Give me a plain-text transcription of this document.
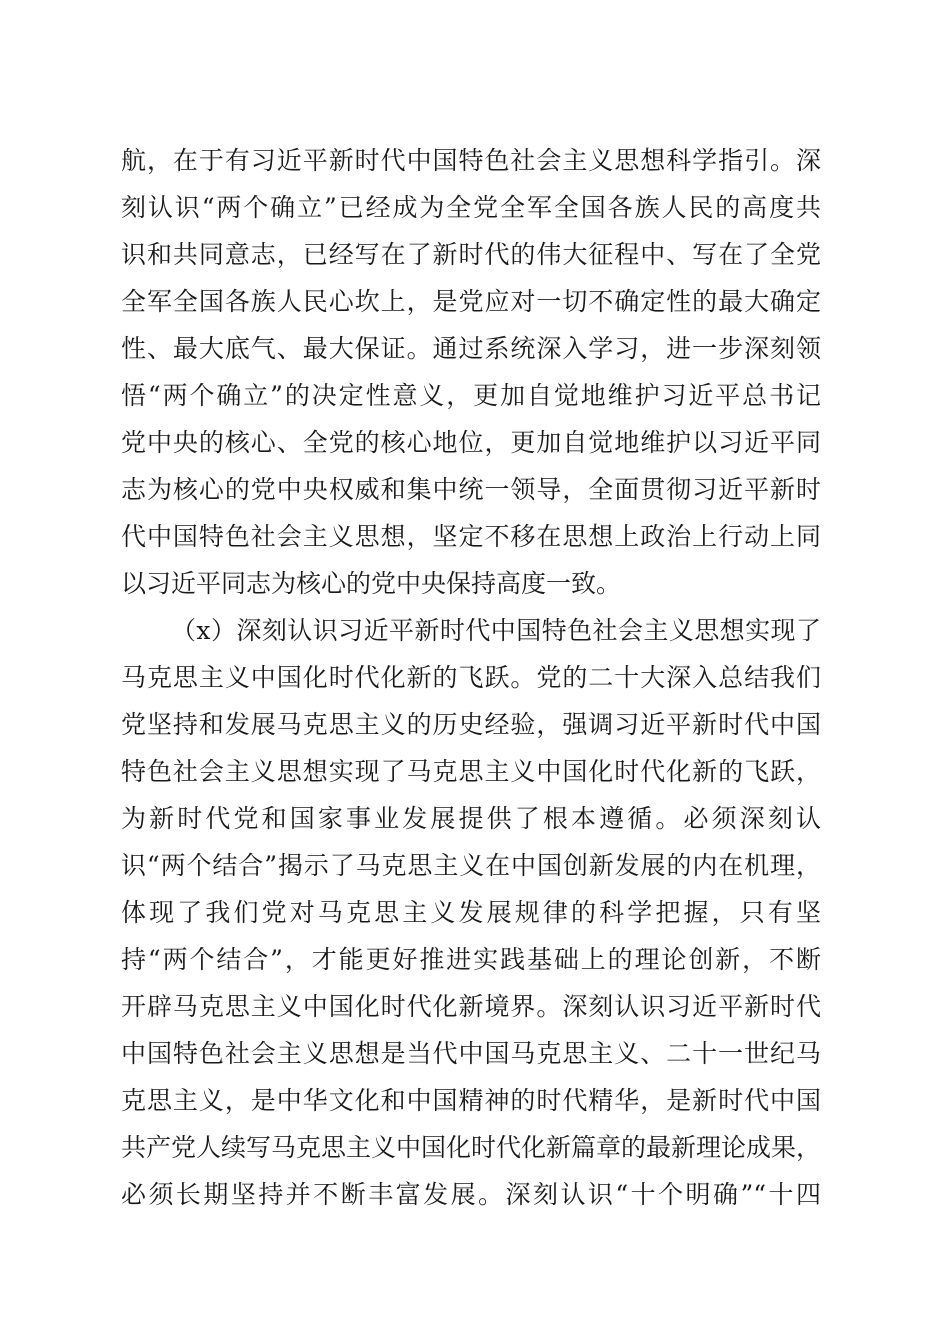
航，在于有习近平新时代中国特色社会主义思想科学指引。深
刻认识“两个确立”已经成为全党全军全国各族人民的高度共
识和共同意志，已经写在了新时代的伟大征程中、写在了全党
全军全国各族人民心坎上，是党应对一切不确定性的最大确定
性、最大底气、最大保证。通过系统深入学习，进一步深刻领
悟“两个确立”的决定性意义，更加自觉地维护习近平总书记
党中央的核心、全党的核心地位，更加自觉地维护以习近平同
志为核心的党中央权威和集中统一领导，全面贯彻习近平新时
代中国特色社会主义思想，坚定不移在思想上政治上行动上同
以习近平同志为核心的党中央保持高度一致。
（x）深刻认识习近平新时代中国特色社会主义思想实现了
马克思主义中国化时代化新的飞跃。党的二十大深入总结我们
党坚持和发展马克思主义的历史经验，强调习近平新时代中国
特色社会主义思想实现了马克思主义中国化时代化新的飞跃，
为新时代党和国家事业发展提供了根本遵循。必须深刻认
识“两个结合”揭示了马克思主义在中国创新发展的内在机理，
体现了我们党对马克思主义发展规律的科学把握，只有坚
持“两个结合”，才能更好推进实践基础上的理论创新，不断
开辟马克思主义中国化时代化新境界。深刻认识习近平新时代
中国特色社会主义思想是当代中国马克思主义、二十一世纪马
克思主义，是中华文化和中国精神的时代精华，是新时代中国
共产党人续写马克思主义中国化时代化新篇章的最新理论成果，
必须长期坚持并不断丰富发展。深刻认识“十个明确”“十四
